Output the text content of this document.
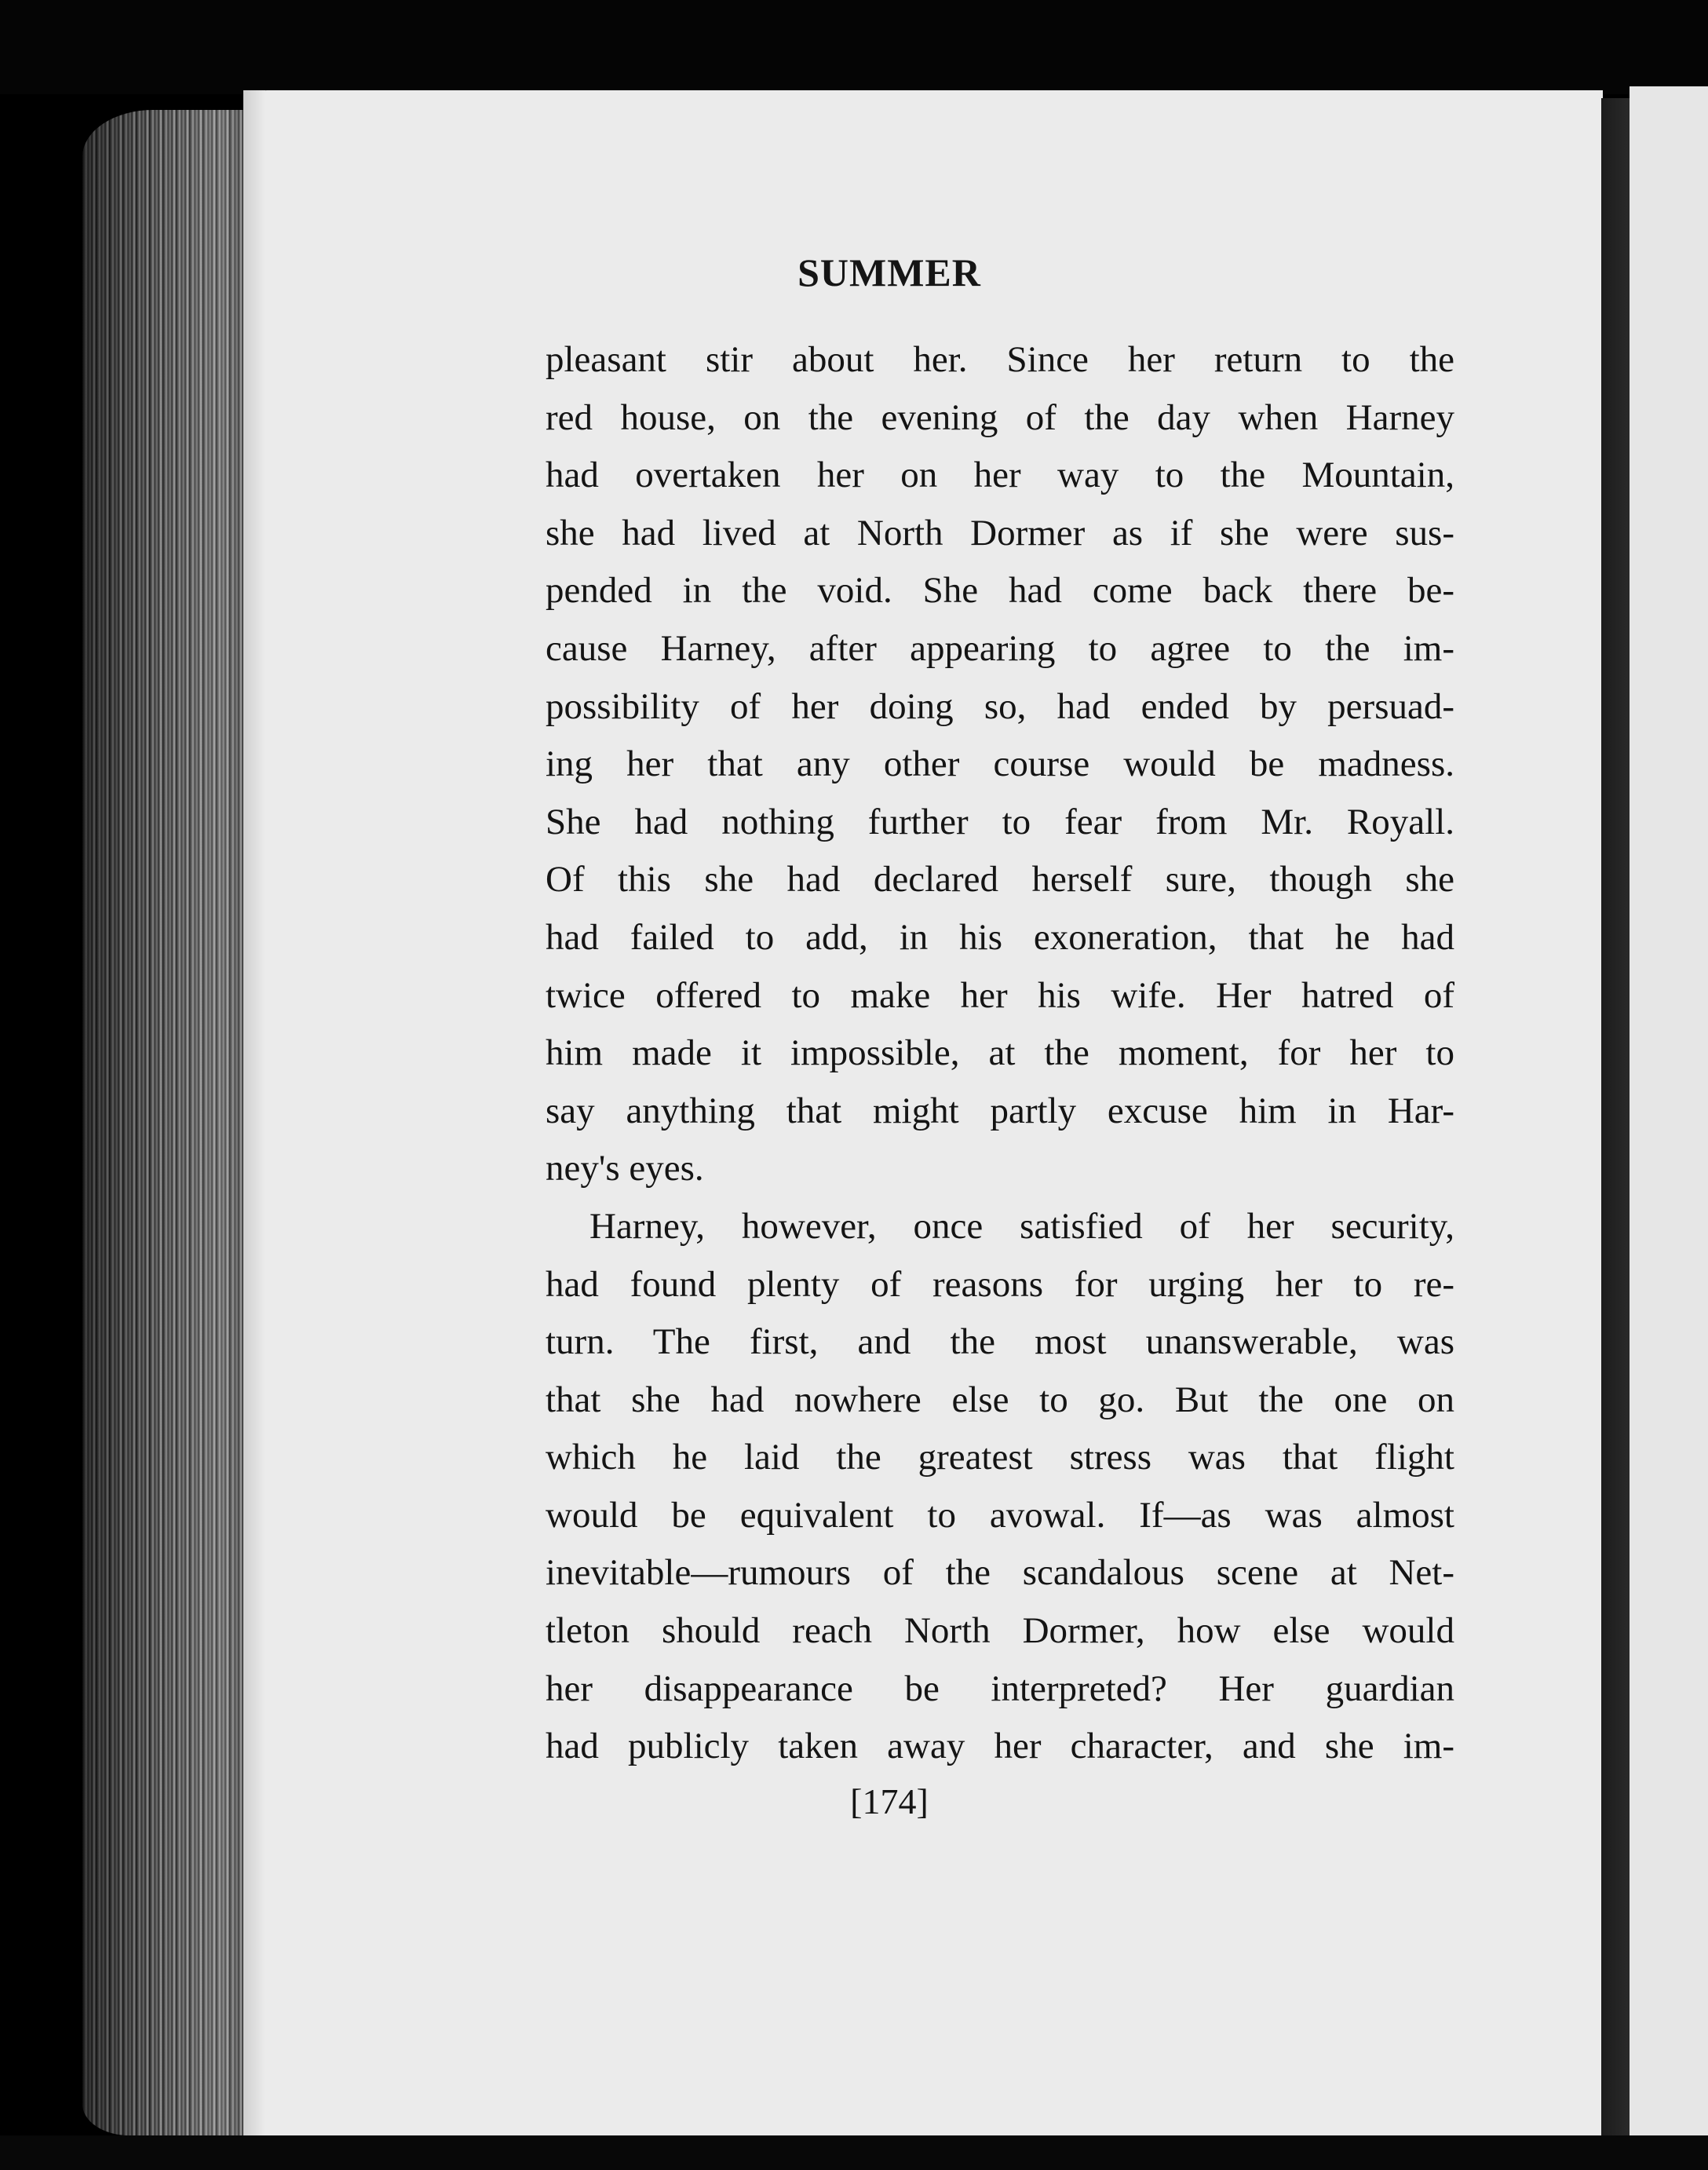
SUMMER
pleasant stir about her. Since her return to the
red house, on the evening of the day when Harney
had overtaken her on her way to the Mountain,
she had lived at North Dormer as if she were sus-
pended in the void. She had come back there be-
cause Harney, after appearing to agree to the im-
possibility of her doing so, had ended by persuad-
ing her that any other course would be madness.
She had nothing further to fear from Mr. Royall.
Of this she had declared herself sure, though she
had failed to add, in his exoneration, that he had
twice offered to make her his wife. Her hatred of
him made it impossible, at the moment, for her to
say anything that might partly excuse him in Har-
ney's eyes.
Harney, however, once satisfied of her security,
had found plenty of reasons for urging her to re-
turn. The first, and the most unanswerable, was
that she had nowhere else to go. But the one on
which he laid the greatest stress was that flight
would be equivalent to avowal. If—as was almost
inevitable—rumours of the scandalous scene at Net-
tleton should reach North Dormer, how else would
her disappearance be interpreted? Her guardian
had publicly taken away her character, and she im-
[174]
